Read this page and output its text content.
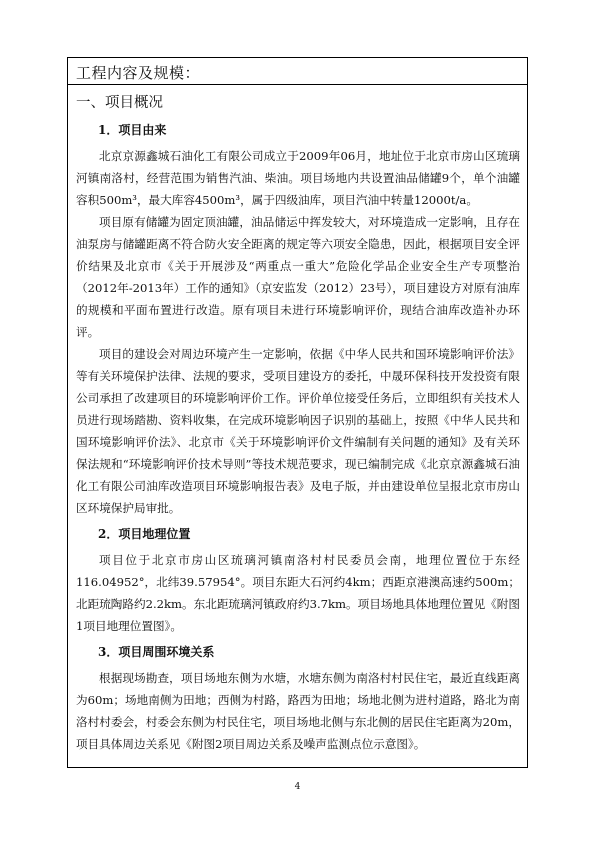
工程内容及规模：

一、项目概况

1．项目由来

北京京源鑫城石油化工有限公司成立于2009年06月，地址位于北京市房山区琉璃河镇南洛村，经营范围为销售汽油、柴油。项目场地内共设置油品储罐9个，单个油罐容积500m³，最大库容4500m³，属于四级油库，项目汽油中转量12000t/a。

项目原有储罐为固定顶油罐，油品储运中挥发较大，对环境造成一定影响，且存在油泵房与储罐距离不符合防火安全距离的规定等六项安全隐患，因此，根据项目安全评价结果及北京市《关于开展涉及“两重点一重大”危险化学品企业安全生产专项整治（2012年-2013年）工作的通知》（京安监发（2012）23号），项目建设方对原有油库的规模和平面布置进行改造。原有项目未进行环境影响评价，现结合油库改造补办环评。

项目的建设会对周边环境产生一定影响，依据《中华人民共和国环境影响评价法》等有关环境保护法律、法规的要求，受项目建设方的委托，中晟环保科技开发投资有限公司承担了改建项目的环境影响评价工作。评价单位接受任务后，立即组织有关技术人员进行现场踏勘、资料收集，在完成环境影响因子识别的基础上，按照《中华人民共和国环境影响评价法》、北京市《关于环境影响评价文件编制有关问题的通知》及有关环保法规和“环境影响评价技术导则”等技术规范要求，现已编制完成《北京京源鑫城石油化工有限公司油库改造项目环境影响报告表》及电子版，并由建设单位呈报北京市房山区环境保护局审批。

2．项目地理位置

项目位于北京市房山区琉璃河镇南洛村村民委员会南，地理位置位于东经116.04952°，北纬39.57954°。项目东距大石河约4km；西距京港澳高速约500m；北距琉陶路约2.2km。东北距琉璃河镇政府约3.7km。项目场地具体地理位置见《附图1项目地理位置图》。

3．项目周围环境关系

根据现场勘查，项目场地东侧为水塘，水塘东侧为南洛村村民住宅，最近直线距离为60m；场地南侧为田地；西侧为村路，路西为田地；场地北侧为进村道路，路北为南洛村村委会，村委会东侧为村民住宅，项目场地北侧与东北侧的居民住宅距离为20m，项目具体周边关系见《附图2项目周边关系及噪声监测点位示意图》。

4
